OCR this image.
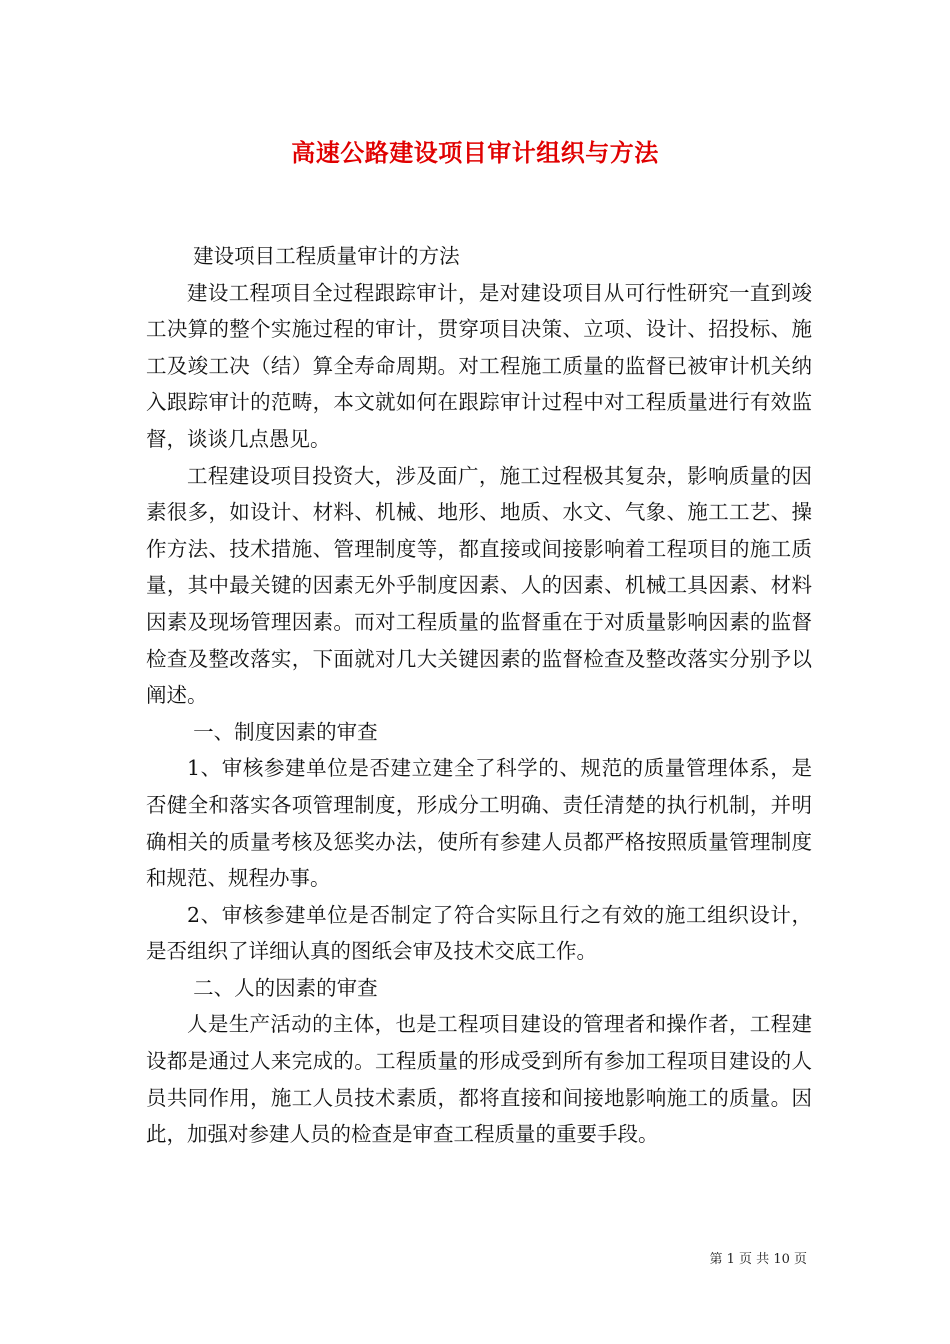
高速公路建设项目审计组织与方法

建设项目工程质量审计的方法

建设工程项目全过程跟踪审计，是对建设项目从可行性研究一直到竣工决算的整个实施过程的审计，贯穿项目决策、立项、设计、招投标、施工及竣工决（结）算全寿命周期。对工程施工质量的监督已被审计机关纳入跟踪审计的范畴，本文就如何在跟踪审计过程中对工程质量进行有效监督，谈谈几点愚见。

工程建设项目投资大，涉及面广，施工过程极其复杂，影响质量的因素很多，如设计、材料、机械、地形、地质、水文、气象、施工工艺、操作方法、技术措施、管理制度等，都直接或间接影响着工程项目的施工质量，其中最关键的因素无外乎制度因素、人的因素、机械工具因素、材料因素及现场管理因素。而对工程质量的监督重在于对质量影响因素的监督检查及整改落实，下面就对几大关键因素的监督检查及整改落实分别予以阐述。

一、制度因素的审查

1、审核参建单位是否建立建全了科学的、规范的质量管理体系，是否健全和落实各项管理制度，形成分工明确、责任清楚的执行机制，并明确相关的质量考核及惩奖办法，使所有参建人员都严格按照质量管理制度和规范、规程办事。

2、审核参建单位是否制定了符合实际且行之有效的施工组织设计，是否组织了详细认真的图纸会审及技术交底工作。

二、人的因素的审查

人是生产活动的主体，也是工程项目建设的管理者和操作者，工程建设都是通过人来完成的。工程质量的形成受到所有参加工程项目建设的人员共同作用，施工人员技术素质，都将直接和间接地影响施工的质量。因此，加强对参建人员的检查是审查工程质量的重要手段。

第 1 页 共 10 页
